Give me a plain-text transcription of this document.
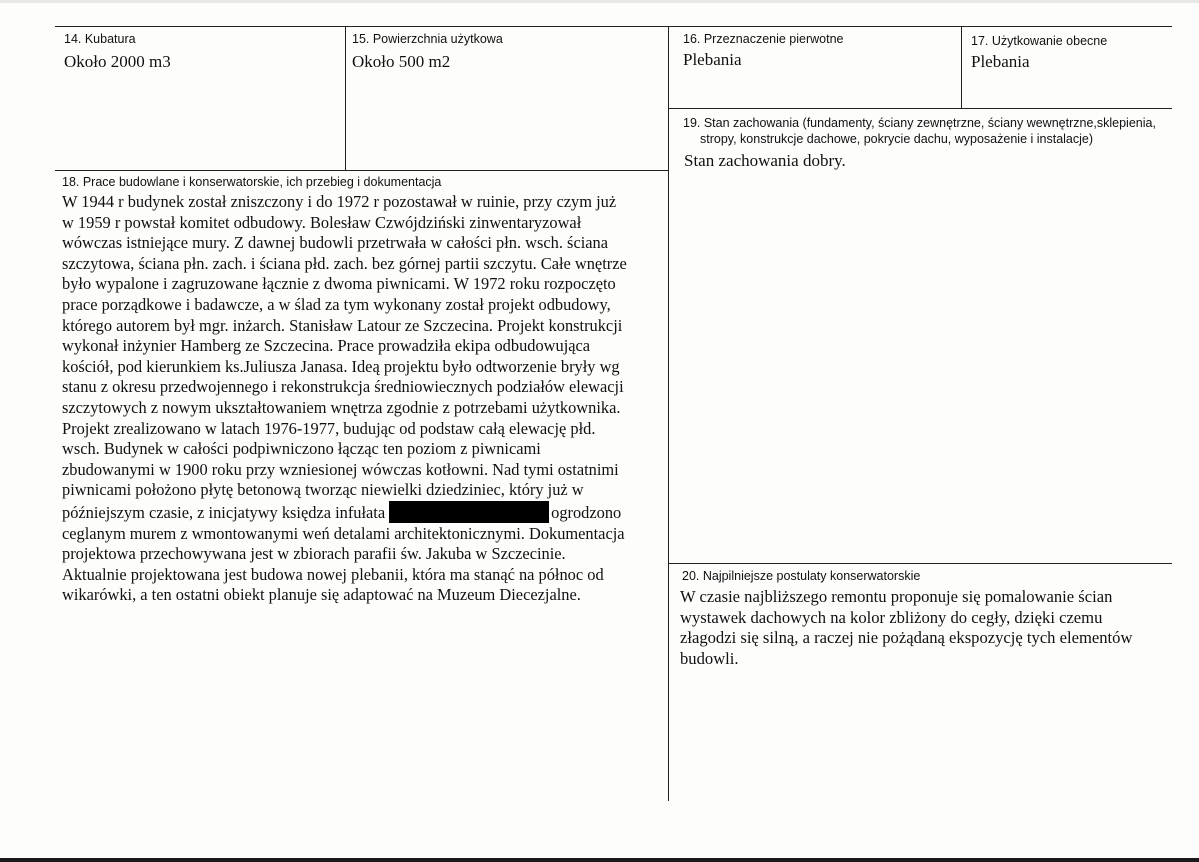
14. Kubatura
Około 2000 m3
15. Powierzchnia użytkowa
Około 500 m2
16. Przeznaczenie pierwotne
Plebania
17. Użytkowanie obecne
Plebania
19. Stan zachowania (fundamenty, ściany zewnętrzne, ściany wewnętrzne,sklepienia,
stropy, konstrukcje dachowe, pokrycie dachu, wyposażenie i instalacje)
Stan zachowania dobry.
18. Prace budowlane i konserwatorskie, ich przebieg i dokumentacja
W 1944 r budynek został zniszczony i do 1972 r pozostawał w ruinie, przy czym już
w 1959 r powstał komitet odbudowy. Bolesław Czwójdziński zinwentaryzował
wówczas istniejące mury. Z dawnej budowli przetrwała w całości płn. wsch. ściana
szczytowa, ściana płn. zach. i ściana płd. zach. bez górnej partii szczytu. Całe wnętrze
było wypalone i zagruzowane łącznie z dwoma piwnicami. W 1972 roku rozpoczęto
prace porządkowe i badawcze, a w ślad za tym wykonany został projekt odbudowy,
którego autorem był mgr. inżarch. Stanisław Latour ze Szczecina. Projekt konstrukcji
wykonał inżynier Hamberg ze Szczecina. Prace prowadziła ekipa odbudowująca
kościół, pod kierunkiem ks.Juliusza Janasa. Ideą projektu było odtworzenie bryły wg
stanu z okresu przedwojennego i rekonstrukcja średniowiecznych podziałów elewacji
szczytowych z nowym ukształtowaniem wnętrza zgodnie z potrzebami użytkownika.
Projekt zrealizowano w latach 1976-1977, budując od podstaw całą elewację płd.
wsch. Budynek w całości podpiwniczono łącząc ten poziom z piwnicami
zbudowanymi w 1900 roku przy wzniesionej wówczas kotłowni. Nad tymi ostatnimi
piwnicami położono płytę betonową tworząc niewielki dziedziniec, który już w
późniejszym czasie, z inicjatywy księdza infułata	ogrodzono
ceglanym murem z wmontowanymi weń detalami architektonicznymi. Dokumentacja
projektowa przechowywana jest w zbiorach parafii św. Jakuba w Szczecinie.
Aktualnie projektowana jest budowa nowej plebanii, która ma stanąć na północ od
wikarówki, a ten ostatni obiekt planuje się adaptować na Muzeum Diecezjalne.
20. Najpilniejsze postulaty konserwatorskie
W czasie najbliższego remontu proponuje się pomalowanie ścian
wystawek dachowych na kolor zbliżony do cegły, dzięki czemu
złagodzi się silną, a raczej nie pożądaną ekspozycję tych elementów
budowli.
